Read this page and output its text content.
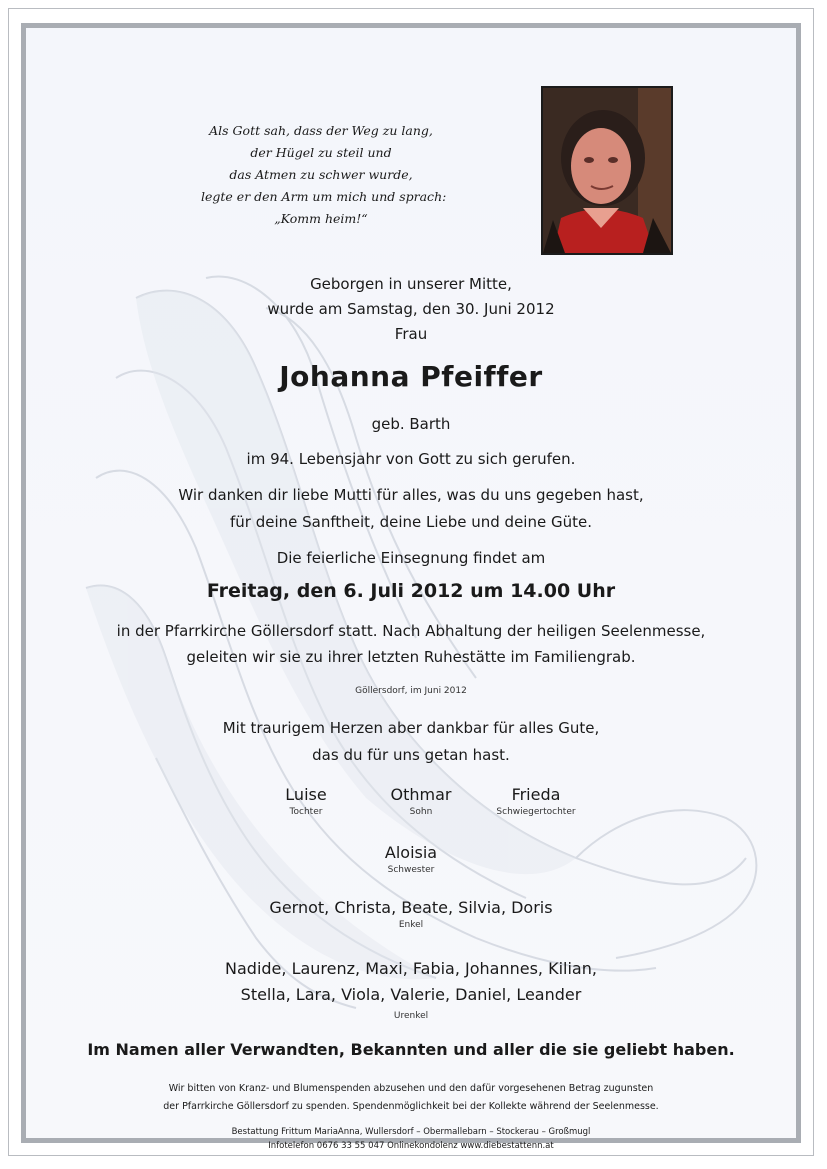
Als Gott sah, dass der Weg zu lang,
der Hügel zu steil und
das Atmen zu schwer wurde,
legte er den Arm um mich und sprach:
„Komm heim!“
Geborgen in unserer Mitte,
wurde am Samstag, den 30. Juni 2012
Frau
Johanna Pfeiffer
geb. Barth
im 94. Lebensjahr von Gott zu sich gerufen.
Wir danken dir liebe Mutti für alles, was du uns gegeben hast,
für deine Sanftheit, deine Liebe und deine Güte.
Die feierliche Einsegnung findet am
Freitag, den 6. Juli 2012 um 14.00 Uhr
in der Pfarrkirche Göllersdorf statt. Nach Abhaltung der heiligen Seelenmesse,
geleiten wir sie zu ihrer letzten Ruhestätte im Familiengrab.
Göllersdorf, im Juni 2012
Mit traurigem Herzen aber dankbar für alles Gute,
das du für uns getan hast.
Luise
Tochter
Othmar
Sohn
Frieda
Schwiegertochter
Aloisia
Schwester
Gernot, Christa, Beate, Silvia, Doris
Enkel
Nadide, Laurenz, Maxi, Fabia, Johannes, Kilian,
Stella, Lara, Viola, Valerie, Daniel, Leander
Urenkel
Im Namen aller Verwandten, Bekannten und aller die sie geliebt haben.
Wir bitten von Kranz- und Blumenspenden abzusehen und den dafür vorgesehenen Betrag zugunsten
der Pfarrkirche Göllersdorf zu spenden. Spendenmöglichkeit bei der Kollekte während der Seelenmesse.
Bestattung Frittum MariaAnna, Wullersdorf – Obermallebarn – Stockerau – Großmugl
Infotelefon 0676 33 55 047 Onlinekondolenz www.diebestattenn.at
